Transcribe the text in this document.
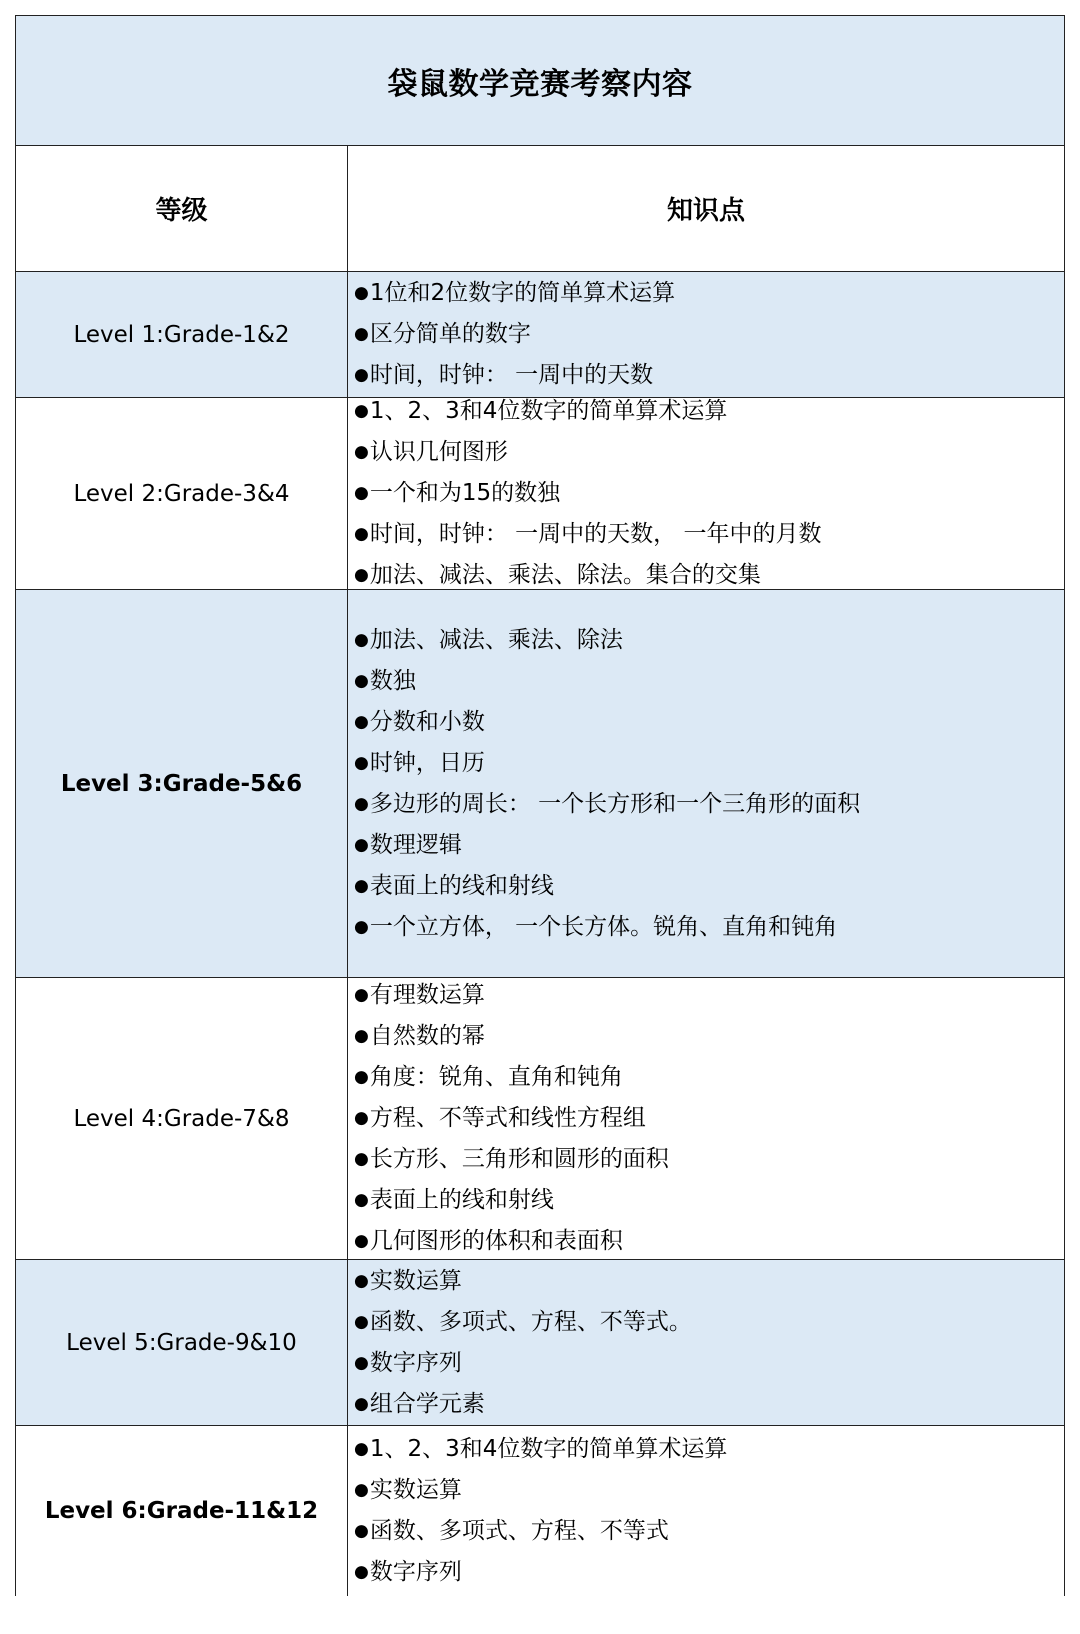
袋鼠数学竞赛考察内容
等级	知识点
Level 1:Grade-1&2
●1位和2位数字的简单算术运算
●区分简单的数字
●时间，时钟： 一周中的天数
Level 2:Grade-3&4
●1、2、3和4位数字的简单算术运算
●认识几何图形
●一个和为15的数独
●时间，时钟： 一周中的天数， 一年中的月数
●加法、减法、乘法、除法。集合的交集
Level 3:Grade-5&6
●加法、减法、乘法、除法
●数独
●分数和小数
●时钟，日历
●多边形的周长： 一个长方形和一个三角形的面积
●数理逻辑
●表面上的线和射线
●一个立方体， 一个长方体。锐角、直角和钝角
Level 4:Grade-7&8
●有理数运算
●自然数的幂
●角度：锐角、直角和钝角
●方程、不等式和线性方程组
●长方形、三角形和圆形的面积
●表面上的线和射线
●几何图形的体积和表面积
Level 5:Grade-9&10
●实数运算
●函数、多项式、方程、不等式。
●数字序列
●组合学元素
Level 6:Grade-11&12
●1、2、3和4位数字的简单算术运算
●实数运算
●函数、多项式、方程、不等式
●数字序列
